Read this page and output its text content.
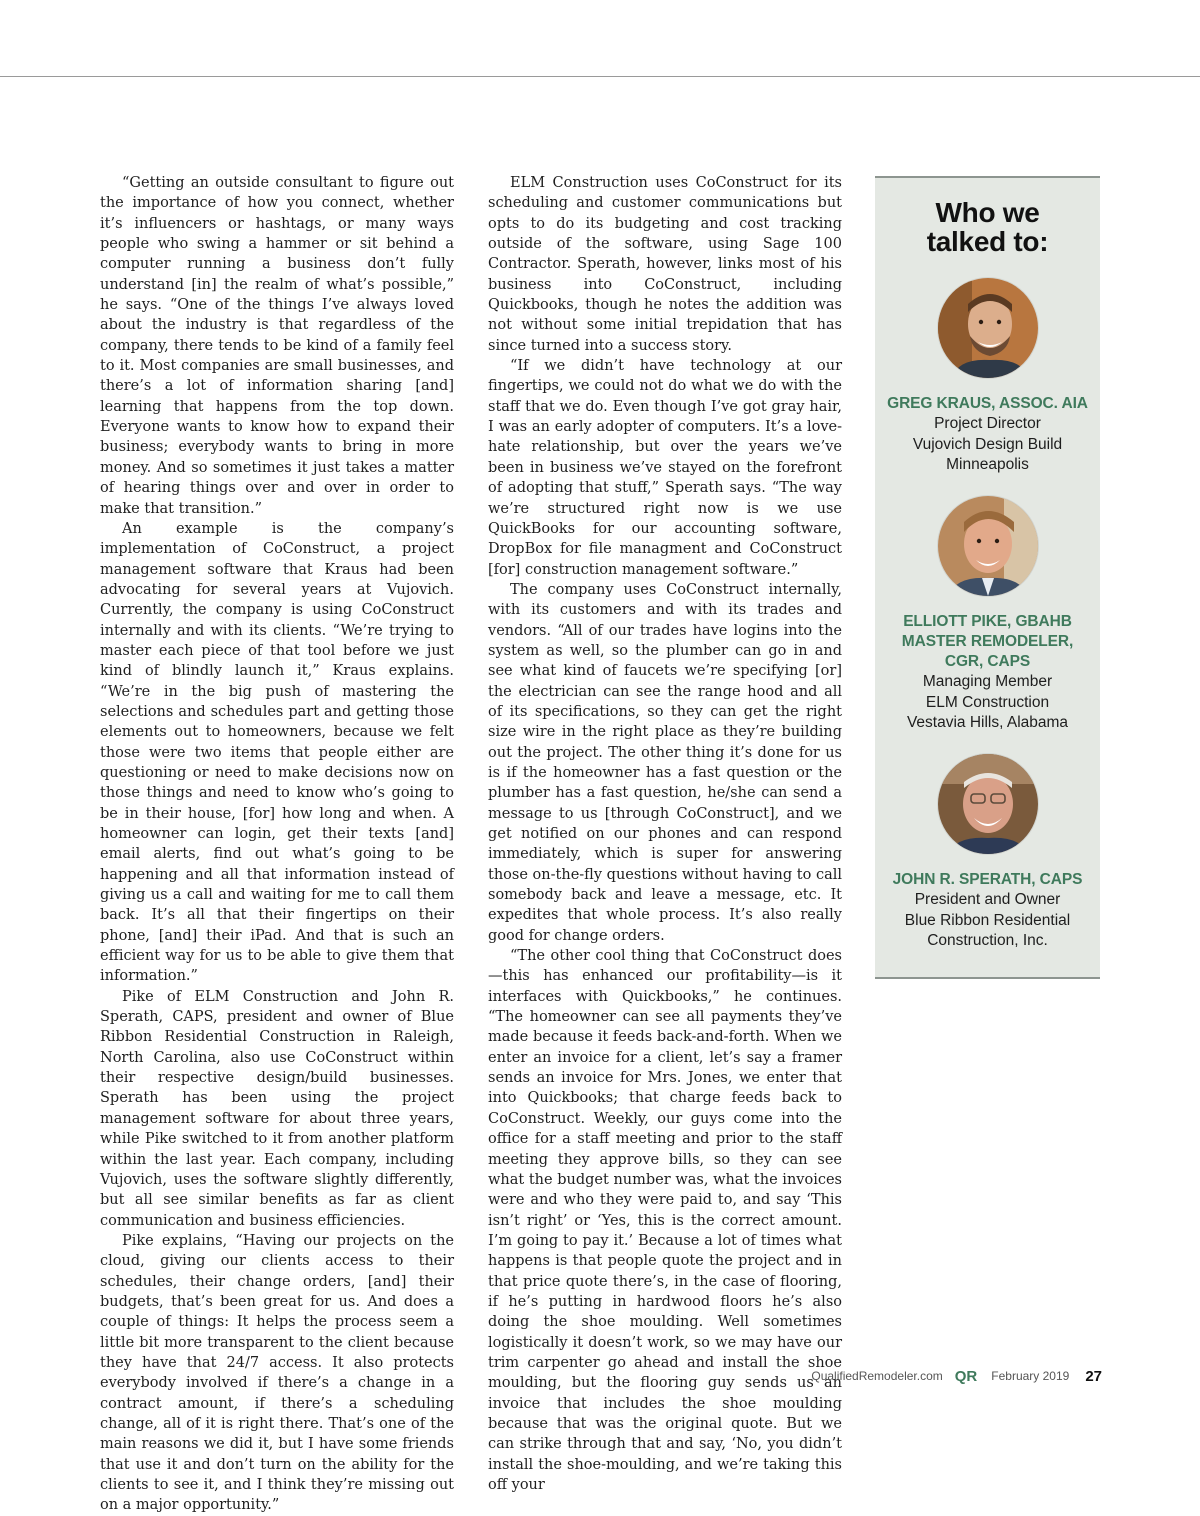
“Getting an outside consultant to figure out the importance of how you connect, whether it’s influencers or hashtags, or many ways people who swing a hammer or sit behind a computer running a business don’t fully understand [in] the realm of what’s possible,” he says. “One of the things I’ve always loved about the industry is that regardless of the company, there tends to be kind of a family feel to it. Most companies are small businesses, and there’s a lot of information sharing [and] learning that happens from the top down. Everyone wants to know how to expand their business; everybody wants to bring in more money. And so sometimes it just takes a matter of hearing things over and over in order to make that transition.”

An example is the company’s implementation of CoConstruct, a project management software that Kraus had been advocating for several years at Vujovich. Currently, the company is using CoConstruct internally and with its clients. “We’re trying to master each piece of that tool before we just kind of blindly launch it,” Kraus explains. “We’re in the big push of mastering the selections and schedules part and getting those elements out to homeowners, because we felt those were two items that people either are questioning or need to make decisions now on those things and need to know who’s going to be in their house, [for] how long and when. A homeowner can login, get their texts [and] email alerts, find out what’s going to be happening and all that information instead of giving us a call and waiting for me to call them back. It’s all that their fingertips on their phone, [and] their iPad. And that is such an efficient way for us to be able to give them that information.”

Pike of ELM Construction and John R. Sperath, CAPS, president and owner of Blue Ribbon Residential Construction in Raleigh, North Carolina, also use CoConstruct within their respective design/build businesses. Sperath has been using the project management software for about three years, while Pike switched to it from another platform within the last year. Each company, including Vujovich, uses the software slightly differently, but all see similar benefits as far as client communication and business efficiencies.

Pike explains, “Having our projects on the cloud, giving our clients access to their schedules, their change orders, [and] their budgets, that’s been great for us. And does a couple of things: It helps the process seem a little bit more transparent to the client because they have that 24/7 access. It also protects everybody involved if there’s a change in a contract amount, if there’s a scheduling change, all of it is right there. That’s one of the main reasons we did it, but I have some friends that use it and don’t turn on the ability for the clients to see it, and I think they’re missing out on a major opportunity.”

ELM Construction uses CoConstruct for its scheduling and customer communications but opts to do its budgeting and cost tracking outside of the software, using Sage 100 Contractor. Sperath, however, links most of his business into CoConstruct, including Quickbooks, though he notes the addition was not without some initial trepidation that has since turned into a success story.

“If we didn’t have technology at our fingertips, we could not do what we do with the staff that we do. Even though I’ve got gray hair, I was an early adopter of computers. It’s a love-hate relationship, but over the years we’ve been in business we’ve stayed on the forefront of adopting that stuff,” Sperath says. “The way we’re structured right now is we use QuickBooks for our accounting software, DropBox for file managment and CoConstruct [for] construction management software.”

The company uses CoConstruct internally, with its customers and with its trades and vendors. “All of our trades have logins into the system as well, so the plumber can go in and see what kind of faucets we’re specifying [or] the electrician can see the range hood and all of its specifications, so they can get the right size wire in the right place as they’re building out the project. The other thing it’s done for us is if the homeowner has a fast question or the plumber has a fast question, he/she can send a message to us [through CoConstruct], and we get notified on our phones and can respond immediately, which is super for answering those on-the-fly questions without having to call somebody back and leave a message, etc. It expedites that whole process. It’s also really good for change orders.

“The other cool thing that CoConstruct does—this has enhanced our profitability—is it interfaces with Quickbooks,” he continues. “The homeowner can see all payments they’ve made because it feeds back-and-forth. When we enter an invoice for a client, let’s say a framer sends an invoice for Mrs. Jones, we enter that into Quickbooks; that charge feeds back to CoConstruct. Weekly, our guys come into the office for a staff meeting and prior to the staff meeting they approve bills, so they can see what the budget number was, what the invoices were and who they were paid to, and say ‘This isn’t right’ or ‘Yes, this is the correct amount. I’m going to pay it.’ Because a lot of times what happens is that people quote the project and in that price quote there’s, in the case of flooring, if he’s putting in hardwood floors he’s also doing the shoe moulding. Well sometimes logistically it doesn’t work, so we may have our trim carpenter go ahead and install the shoe moulding, but the flooring guy sends us an invoice that includes the shoe moulding because that was the original quote. But we can strike through that and say, ‘No, you didn’t install the shoe-moulding, and we’re taking this off your

Who we
talked to:
GREG KRAUS, ASSOC. AIA
Project Director
Vujovich Design Build
Minneapolis
ELLIOTT PIKE, GBAHB MASTER REMODELER, CGR, CAPS
Managing Member
ELM Construction
Vestavia Hills, Alabama
JOHN R. SPERATH, CAPS
President and Owner
Blue Ribbon Residential
Construction, Inc.
QualifiedRemodeler.com QR February 2019 27
